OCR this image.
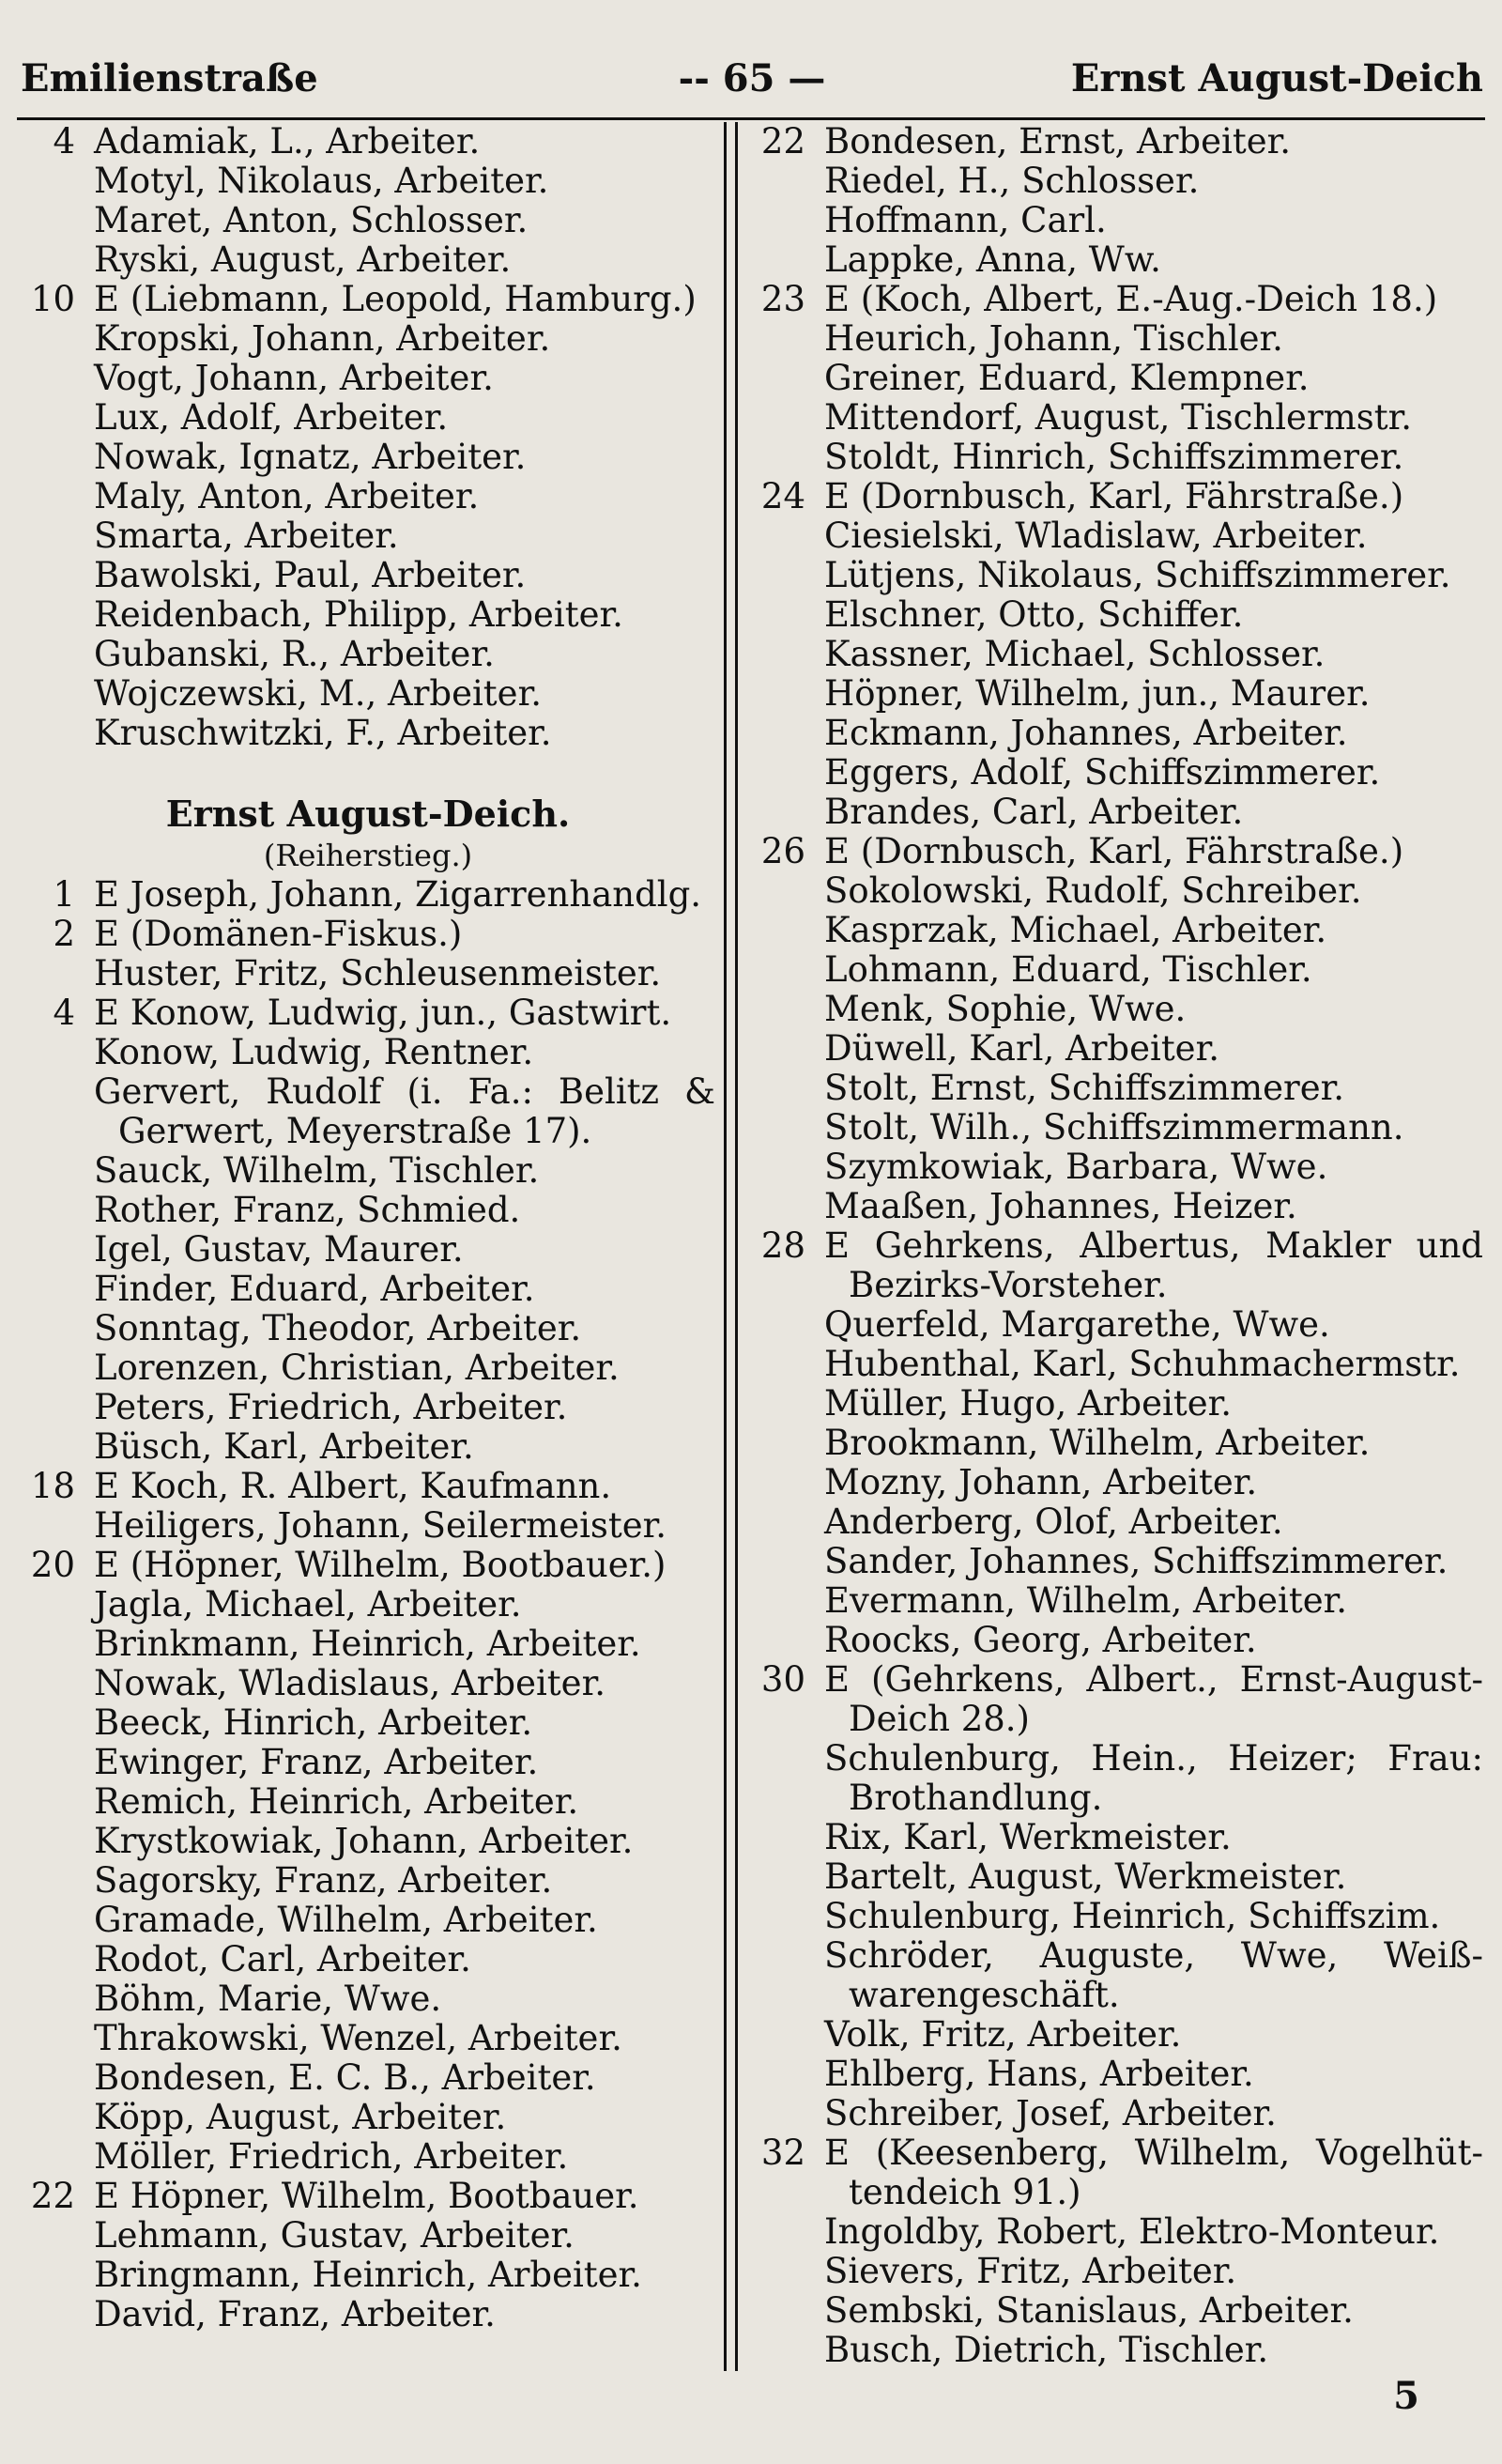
Emilienstraße	-- 65 —	Ernst August-Deich
4 Adamiak, L., Arbeiter.
Motyl, Nikolaus, Arbeiter.
Maret, Anton, Schlosser.
Ryski, August, Arbeiter.
10 E (Liebmann, Leopold, Hamburg.)
Kropski, Johann, Arbeiter.
Vogt, Johann, Arbeiter.
Lux, Adolf, Arbeiter.
Nowak, Ignatz, Arbeiter.
Maly, Anton, Arbeiter.
Smarta, Arbeiter.
Bawolski, Paul, Arbeiter.
Reidenbach, Philipp, Arbeiter.
Gubanski, R., Arbeiter.
Wojczewski, M., Arbeiter.
Kruschwitzki, F., Arbeiter.
Ernst August-Deich.
(Reiherstieg.)
1 E Joseph, Johann, Zigarrenhandlg.
2 E (Domänen-Fiskus.)
Huster, Fritz, Schleusenmeister.
4 E Konow, Ludwig, jun., Gastwirt.
Konow, Ludwig, Rentner.
Gervert, Rudolf (i. Fa.: Belitz &
Gerwert, Meyerstraße 17).
Sauck, Wilhelm, Tischler.
Rother, Franz, Schmied.
Igel, Gustav, Maurer.
Finder, Eduard, Arbeiter.
Sonntag, Theodor, Arbeiter.
Lorenzen, Christian, Arbeiter.
Peters, Friedrich, Arbeiter.
Büsch, Karl, Arbeiter.
18 E Koch, R. Albert, Kaufmann.
Heiligers, Johann, Seilermeister.
20 E (Höpner, Wilhelm, Bootbauer.)
Jagla, Michael, Arbeiter.
Brinkmann, Heinrich, Arbeiter.
Nowak, Wladislaus, Arbeiter.
Beeck, Hinrich, Arbeiter.
Ewinger, Franz, Arbeiter.
Remich, Heinrich, Arbeiter.
Krystkowiak, Johann, Arbeiter.
Sagorsky, Franz, Arbeiter.
Gramade, Wilhelm, Arbeiter.
Rodot, Carl, Arbeiter.
Böhm, Marie, Wwe.
Thrakowski, Wenzel, Arbeiter.
Bondesen, E. C. B., Arbeiter.
Köpp, August, Arbeiter.
Möller, Friedrich, Arbeiter.
22 E Höpner, Wilhelm, Bootbauer.
Lehmann, Gustav, Arbeiter.
Bringmann, Heinrich, Arbeiter.
David, Franz, Arbeiter.
22 Bondesen, Ernst, Arbeiter.
Riedel, H., Schlosser.
Hoffmann, Carl.
Lappke, Anna, Ww.
23 E (Koch, Albert, E.-Aug.-Deich 18.)
Heurich, Johann, Tischler.
Greiner, Eduard, Klempner.
Mittendorf, August, Tischlermstr.
Stoldt, Hinrich, Schiffszimmerer.
24 E (Dornbusch, Karl, Fährstraße.)
Ciesielski, Wladislaw, Arbeiter.
Lütjens, Nikolaus, Schiffszimmerer.
Elschner, Otto, Schiffer.
Kassner, Michael, Schlosser.
Höpner, Wilhelm, jun., Maurer.
Eckmann, Johannes, Arbeiter.
Eggers, Adolf, Schiffszimmerer.
Brandes, Carl, Arbeiter.
26 E (Dornbusch, Karl, Fährstraße.)
Sokolowski, Rudolf, Schreiber.
Kasprzak, Michael, Arbeiter.
Lohmann, Eduard, Tischler.
Menk, Sophie, Wwe.
Düwell, Karl, Arbeiter.
Stolt, Ernst, Schiffszimmerer.
Stolt, Wilh., Schiffszimmermann.
Szymkowiak, Barbara, Wwe.
Maaßen, Johannes, Heizer.
28 E Gehrkens, Albertus, Makler und
Bezirks-Vorsteher.
Querfeld, Margarethe, Wwe.
Hubenthal, Karl, Schuhmachermstr.
Müller, Hugo, Arbeiter.
Brookmann, Wilhelm, Arbeiter.
Mozny, Johann, Arbeiter.
Anderberg, Olof, Arbeiter.
Sander, Johannes, Schiffszimmerer.
Evermann, Wilhelm, Arbeiter.
Roocks, Georg, Arbeiter.
30 E (Gehrkens, Albert., Ernst-August-
Deich 28.)
Schulenburg, Hein., Heizer; Frau:
Brothandlung.
Rix, Karl, Werkmeister.
Bartelt, August, Werkmeister.
Schulenburg, Heinrich, Schiffszim.
Schröder, Auguste, Wwe, Weiß-
warengeschäft.
Volk, Fritz, Arbeiter.
Ehlberg, Hans, Arbeiter.
Schreiber, Josef, Arbeiter.
32 E (Keesenberg, Wilhelm, Vogelhüt-
tendeich 91.)
Ingoldby, Robert, Elektro-Monteur.
Sievers, Fritz, Arbeiter.
Sembski, Stanislaus, Arbeiter.
Busch, Dietrich, Tischler.
5
